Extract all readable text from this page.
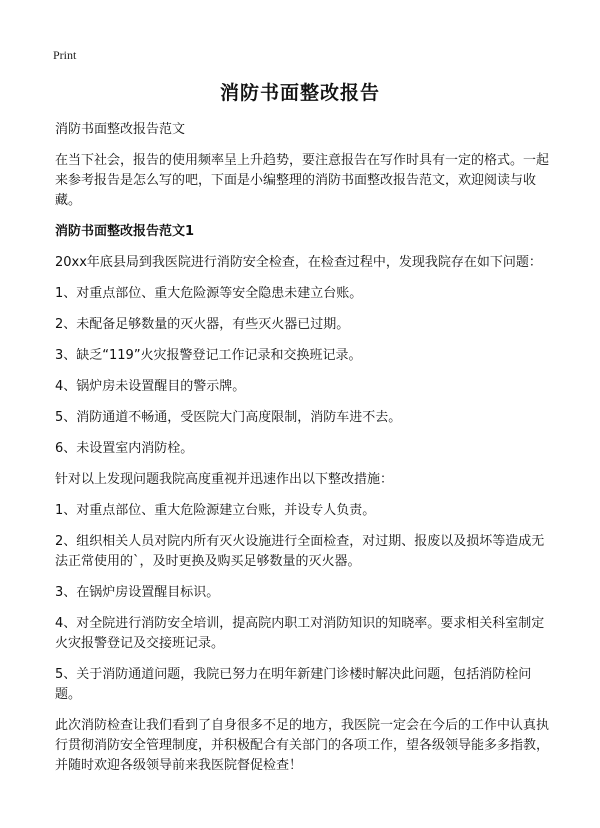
Print
消防书面整改报告
消防书面整改报告范文
在当下社会，报告的使用频率呈上升趋势，要注意报告在写作时具有一定的格式。一起来参考报告是怎么写的吧，下面是小编整理的消防书面整改报告范文，欢迎阅读与收藏。
消防书面整改报告范文1
20xx年底县局到我医院进行消防安全检查，在检查过程中，发现我院存在如下问题：
1、对重点部位、重大危险源等安全隐患未建立台账。
2、未配备足够数量的灭火器，有些灭火器已过期。
3、缺乏“119”火灾报警登记工作记录和交换班记录。
4、锅炉房未设置醒目的警示牌。
5、消防通道不畅通，受医院大门高度限制，消防车进不去。
6、未设置室内消防栓。
针对以上发现问题我院高度重视并迅速作出以下整改措施：
1、对重点部位、重大危险源建立台账，并设专人负责。
2、组织相关人员对院内所有灭火设施进行全面检查，对过期、报废以及损坏等造成无法正常使用的`，及时更换及购买足够数量的灭火器。
3、在锅炉房设置醒目标识。
4、对全院进行消防安全培训，提高院内职工对消防知识的知晓率。要求相关科室制定火灾报警登记及交接班记录。
5、关于消防通道问题，我院已努力在明年新建门诊楼时解决此问题，包括消防栓问题。
此次消防检查让我们看到了自身很多不足的地方，我医院一定会在今后的工作中认真执行贯彻消防安全管理制度，并积极配合有关部门的各项工作，望各级领导能多多指教，并随时欢迎各级领导前来我医院督促检查！
